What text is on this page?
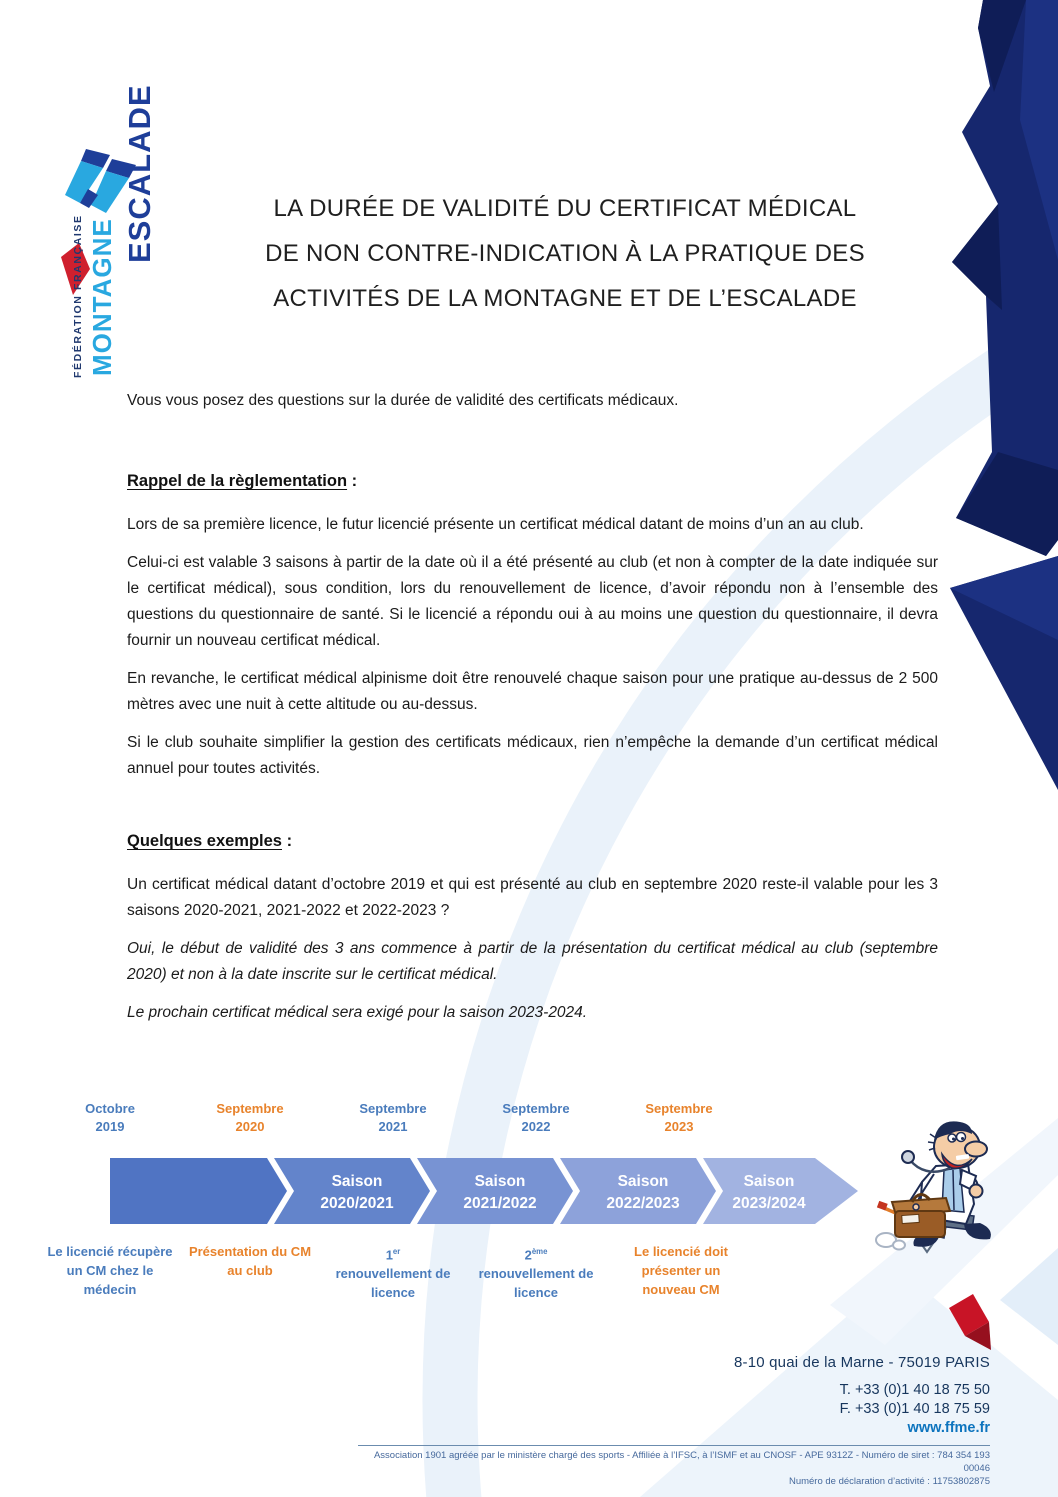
ESCALADE
MONTAGNE
FÉDÉRATION FRANÇAISE
LA DURÉE DE VALIDITÉ DU CERTIFICAT MÉDICAL
DE NON CONTRE-INDICATION À LA PRATIQUE DES
ACTIVITÉS DE LA MONTAGNE ET DE L’ESCALADE

Vous vous posez des questions sur la durée de validité des certificats médicaux.

Rappel de la règlementation :

Lors de sa première licence, le futur licencié présente un certificat médical datant de moins d’un an au club.

Celui-ci est valable 3 saisons à partir de la date où il a été présenté au club (et non à compter de la date indiquée sur le certificat médical), sous condition, lors du renouvellement de licence, d’avoir répondu non à l’ensemble des questions du questionnaire de santé. Si le licencié a répondu oui à au moins une question du questionnaire, il devra fournir un nouveau certificat médical.

En revanche, le certificat médical alpinisme doit être renouvelé chaque saison pour une pratique au-dessus de 2 500 mètres avec une nuit à cette altitude ou au-dessus.

Si le club souhaite simplifier la gestion des certificats médicaux, rien n’empêche la demande d’un certificat médical annuel pour toutes activités.

Quelques exemples :

Un certificat médical datant d’octobre 2019 et qui est présenté au club en septembre 2020 reste-il valable pour les 3 saisons 2020-2021, 2021-2022 et 2022-2023 ?

Oui, le début de validité des 3 ans commence à partir de la présentation du certificat médical au club (septembre 2020) et non à la date inscrite sur le certificat médical.

Le prochain certificat médical sera exigé pour la saison 2023-2024.

Octobre
2019
Septembre
2020
Septembre
2021
Septembre
2022
Septembre
2023
Saison
2020/2021
Saison
2021/2022
Saison
2022/2023
Saison
2023/2024
Le licencié récupère un CM chez le médecin
Présentation du CM au club
1er
renouvellement de licence
2ème
renouvellement de licence
Le licencié doit présenter un nouveau CM
8-10 quai de la Marne - 75019 PARIS
T. +33 (0)1 40 18 75 50
F. +33 (0)1 40 18 75 59
www.ffme.fr
Association 1901 agréée par le ministère chargé des sports - Affiliée à l’IFSC, à l’ISMF et au CNOSF - APE 9312Z - Numéro de siret : 784 354 193 00046
Numéro de déclaration d’activité : 11753802875
